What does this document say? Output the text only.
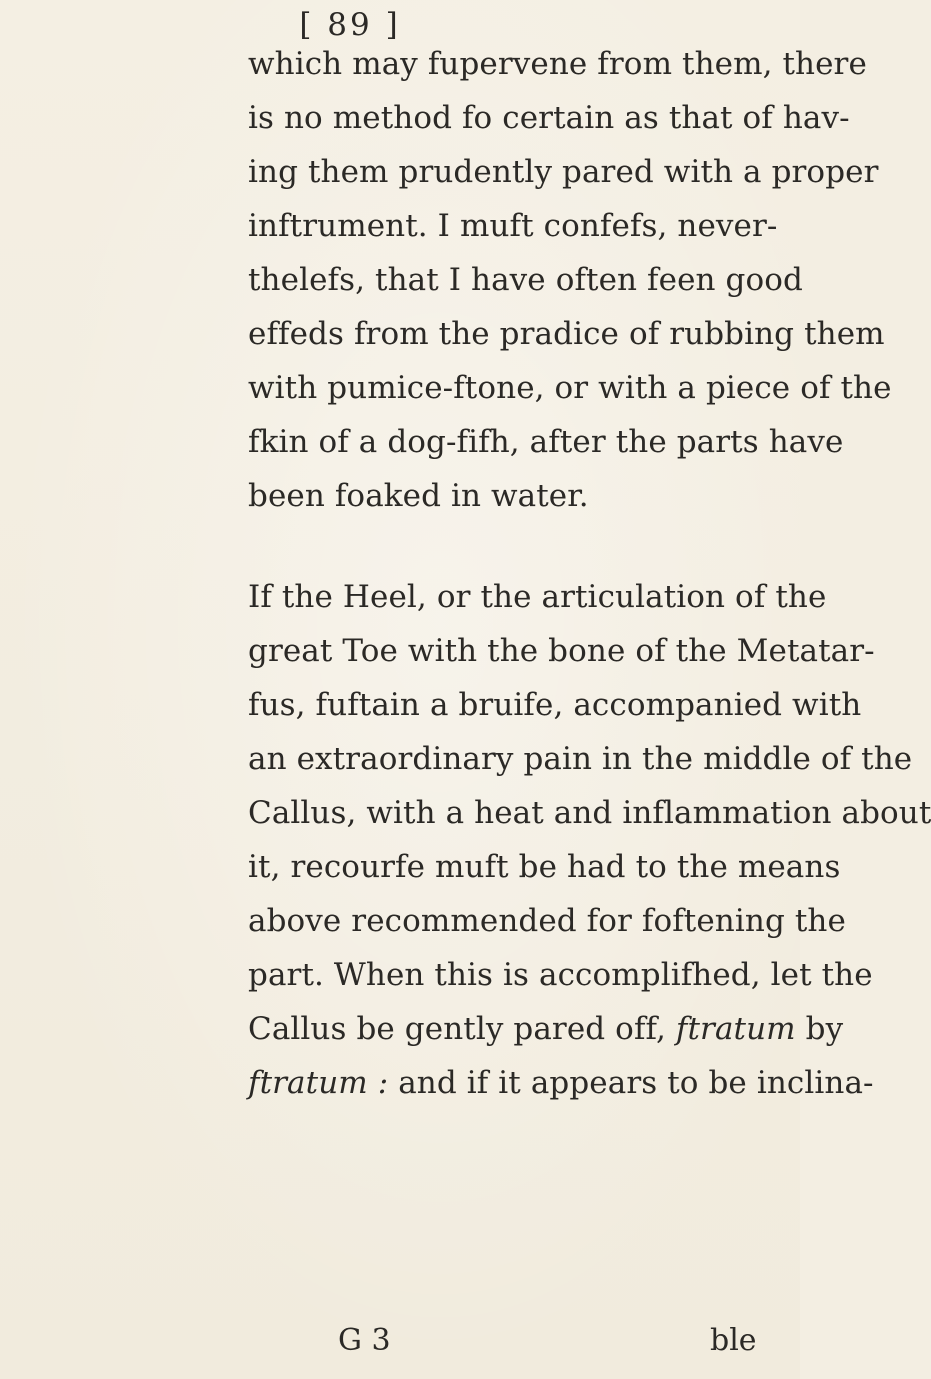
[ 89 ]
which may fupervene from them, there
is no method fo certain as that of hav-
ing them prudently pared with a proper
inftrument. I muft confefs, never-
thelefs, that I have often feen good
effeds from the pradice of rubbing them
with pumice-ftone, or with a piece of the
fkin of a dog-fifh, after the parts have
been foaked in water.
If the Heel, or the articulation of the
great Toe with the bone of the Metatar-
fus, fuftain a bruife, accompanied with
an extraordinary pain in the middle of the
Callus, with a heat and inflammation about
it, recourfe muft be had to the means
above recommended for foftening the
part. When this is accomplifhed, let the
Callus be gently pared off, ftratum by
ftratum : and if it appears to be inclina-
G 3	ble
